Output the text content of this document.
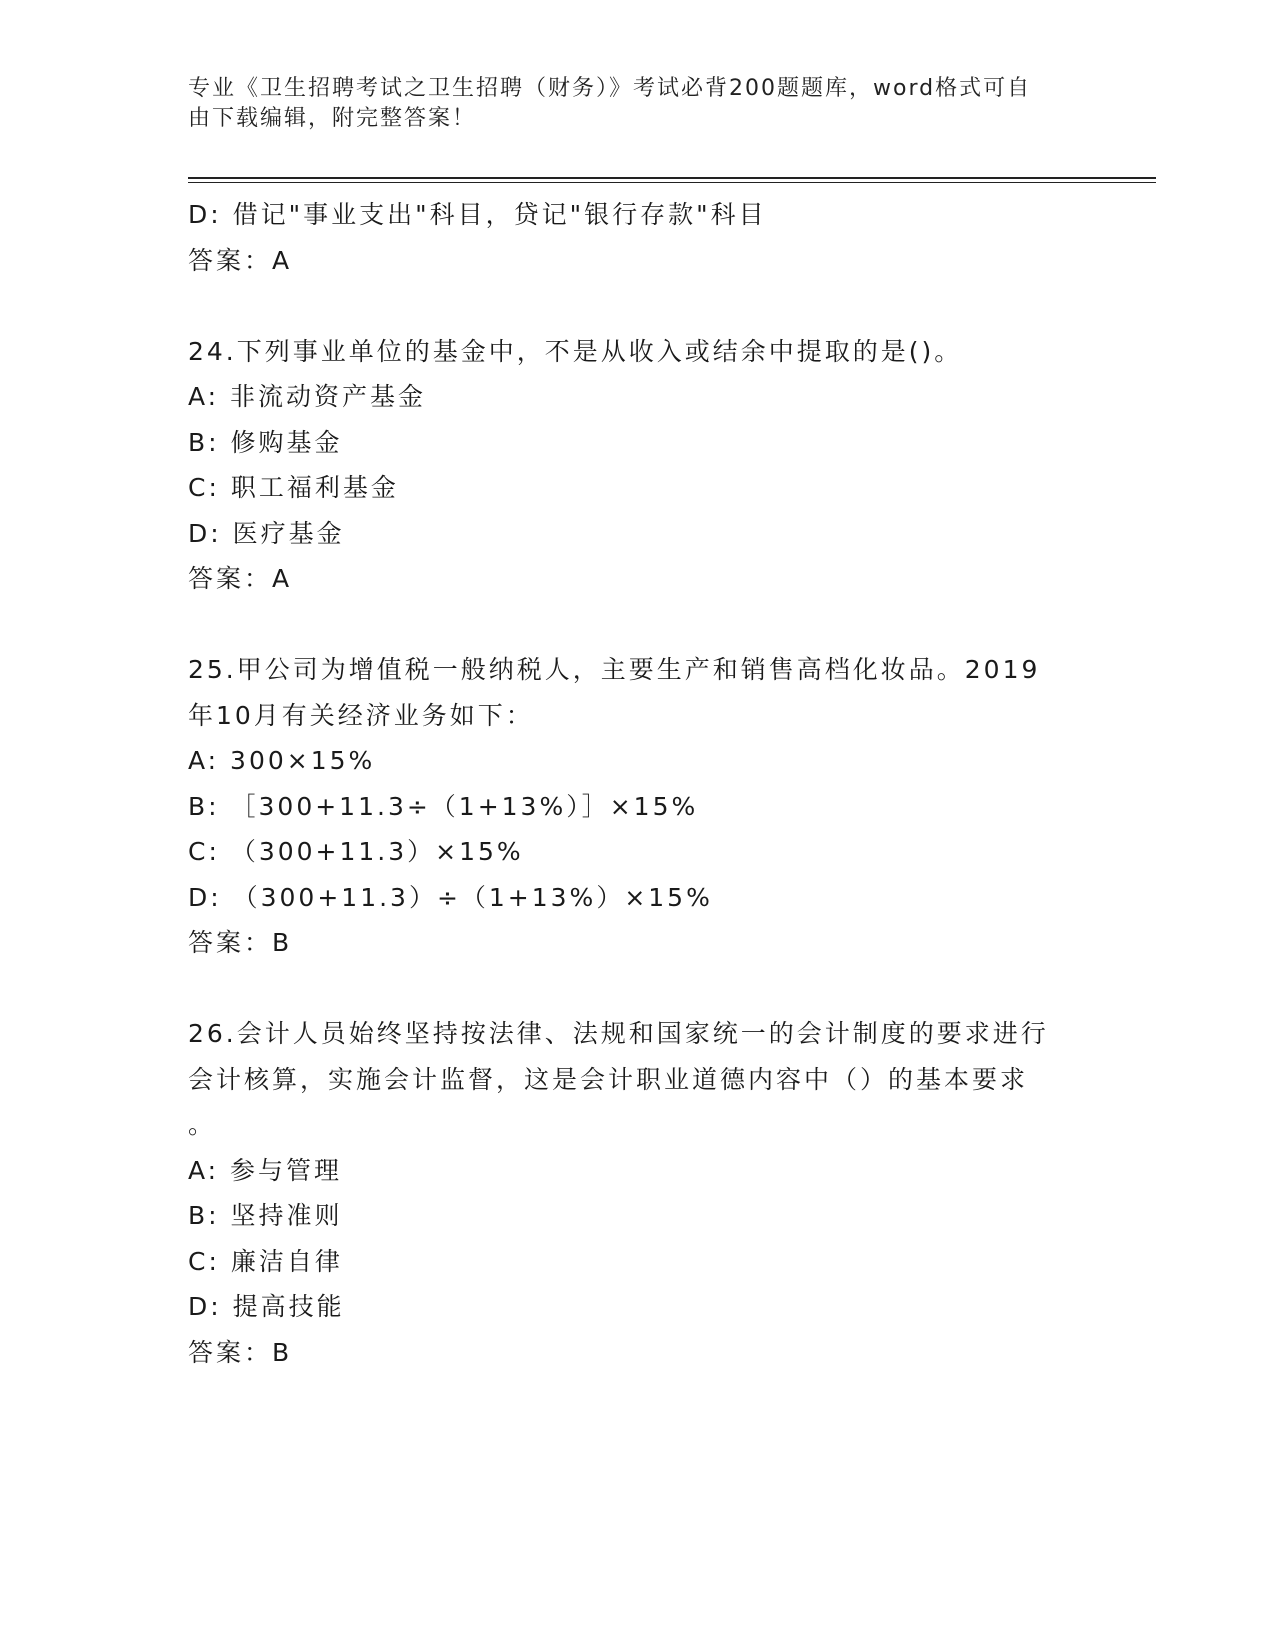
专业《卫生招聘考试之卫生招聘（财务）》考试必背200题题库，word格式可自
由下载编辑，附完整答案！
D: 借记"事业支出"科目，贷记"银行存款"科目
答案：A
24.下列事业单位的基金中，不是从收入或结余中提取的是()。
A: 非流动资产基金
B: 修购基金
C: 职工福利基金
D: 医疗基金
答案：A
25.甲公司为增值税一般纳税人，主要生产和销售高档化妆品。2019
年10月有关经济业务如下：
A: 300×15%
B: ［300+11.3÷（1+13%）］×15%
C: （300+11.3）×15%
D: （300+11.3）÷（1+13%）×15%
答案：B
26.会计人员始终坚持按法律、法规和国家统一的会计制度的要求进行
会计核算，实施会计监督，这是会计职业道德内容中（）的基本要求
。
A: 参与管理
B: 坚持准则
C: 廉洁自律
D: 提高技能
答案：B
